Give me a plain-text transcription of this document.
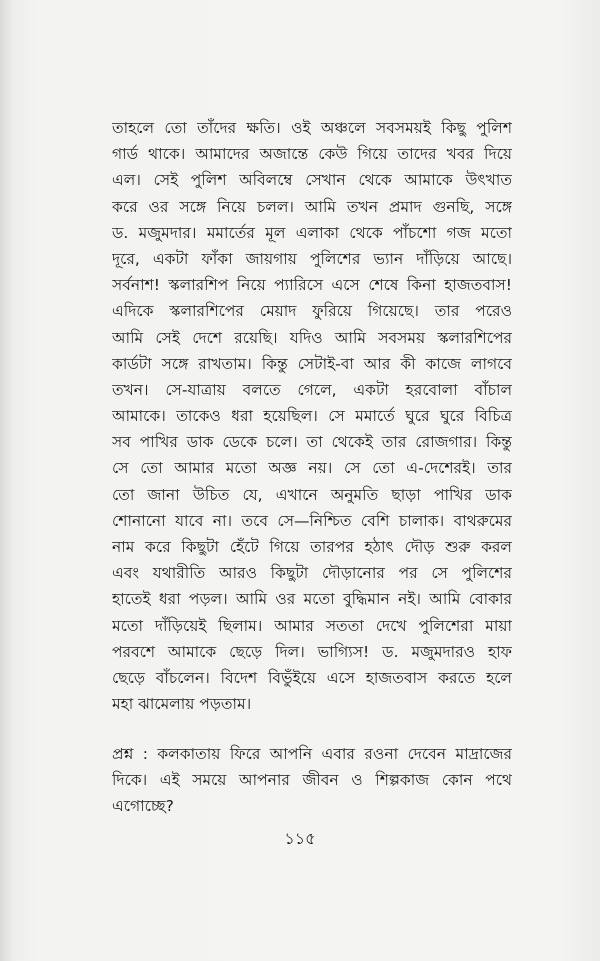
তাহলে তো তাঁদের ক্ষতি। ওই অঞ্চলে সবসময়ই কিছু পুলিশ
গার্ড থাকে। আমাদের অজান্তে কেউ গিয়ে তাদের খবর দিয়ে
এল। সেই পুলিশ অবিলম্বে সেখান থেকে আমাকে উৎখাত
করে ওর সঙ্গে নিয়ে চলল। আমি তখন প্রমাদ গুনছি, সঙ্গে
ড. মজুমদার। মমার্তের মূল এলাকা থেকে পাঁচশো গজ মতো
দূরে, একটা ফাঁকা জায়গায় পুলিশের ভ্যান দাঁড়িয়ে আছে।
সর্বনাশ! স্কলারশিপ নিয়ে প্যারিসে এসে শেষে কিনা হাজতবাস!
এদিকে স্কলারশিপের মেয়াদ ফুরিয়ে গিয়েছে। তার পরেও
আমি সেই দেশে রয়েছি। যদিও আমি সবসময় স্কলারশিপের
কার্ডটা সঙ্গে রাখতাম। কিন্তু সেটাই-বা আর কী কাজে লাগবে
তখন। সে-যাত্রায় বলতে গেলে, একটা হরবোলা বাঁচাল
আমাকে। তাকেও ধরা হয়েছিল। সে মমার্তে ঘুরে ঘুরে বিচিত্র
সব পাখির ডাক ডেকে চলে। তা থেকেই তার রোজগার। কিন্তু
সে তো আমার মতো অজ্ঞ নয়। সে তো এ-দেশেরই। তার
তো জানা উচিত যে, এখানে অনুমতি ছাড়া পাখির ডাক
শোনানো যাবে না। তবে সে—নিশ্চিত বেশি চালাক। বাথরুমের
নাম করে কিছুটা হেঁটে গিয়ে তারপর হঠাৎ দৌড় শুরু করল
এবং যথারীতি আরও কিছুটা দৌড়ানোর পর সে পুলিশের
হাতেই ধরা পড়ল। আমি ওর মতো বুদ্ধিমান নই। আমি বোকার
মতো দাঁড়িয়েই ছিলাম। আমার সততা দেখে পুলিশেরা মায়া
পরবশে আমাকে ছেড়ে দিল। ভাগ্যিস! ড. মজুমদারও হাফ
ছেড়ে বাঁচলেন। বিদেশ বিভুঁইয়ে এসে হাজতবাস করতে হলে
মহা ঝামেলায় পড়তাম।
প্রশ্ন : কলকাতায় ফিরে আপনি এবার রওনা দেবেন মাদ্রাজের
দিকে। এই সময়ে আপনার জীবন ও শিল্পকাজ কোন পথে
এগোচ্ছে?
১১৫
